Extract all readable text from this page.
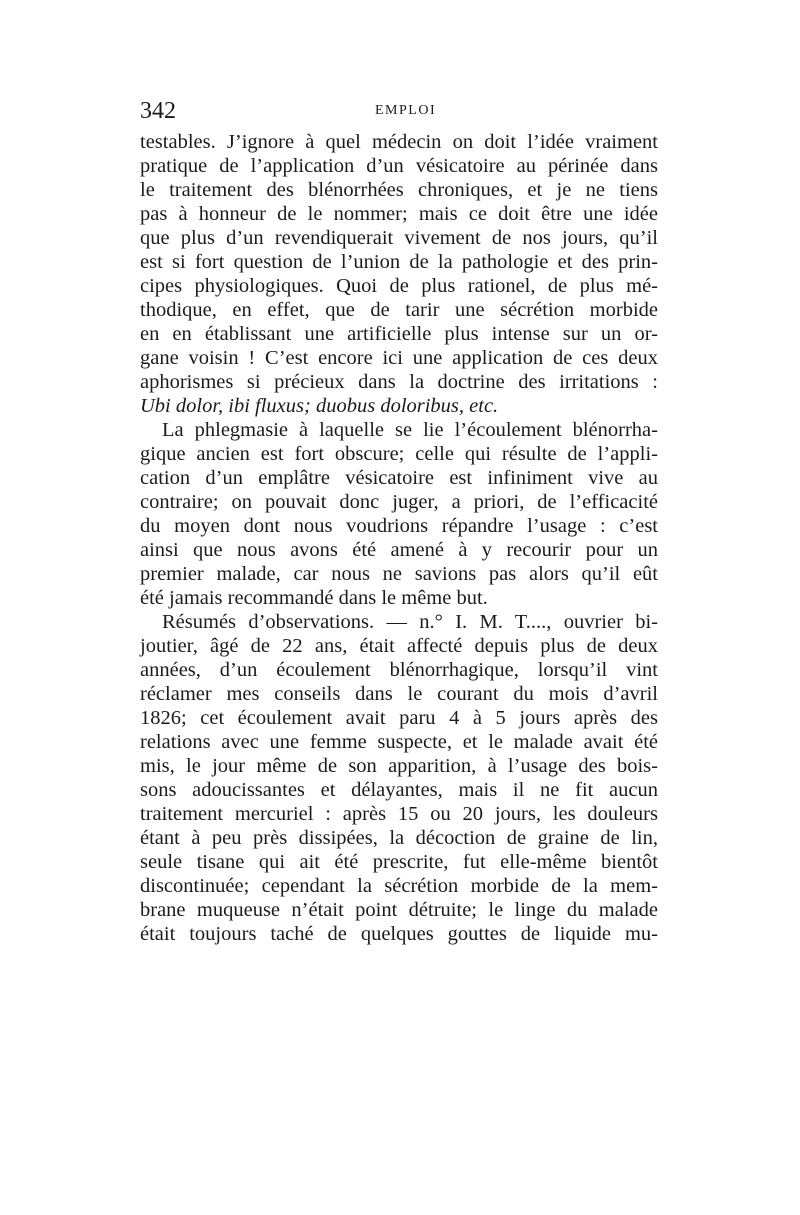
342	EMPLOI
testables. J’ignore à quel médecin on doit l’idée vraiment
pratique de l’application d’un vésicatoire au périnée dans
le traitement des blénorrhées chroniques, et je ne tiens
pas à honneur de le nommer; mais ce doit être une idée
que plus d’un revendiquerait vivement de nos jours, qu’il
est si fort question de l’union de la pathologie et des prin-
cipes physiologiques. Quoi de plus rationel, de plus mé-
thodique, en effet, que de tarir une sécrétion morbide
en en établissant une artificielle plus intense sur un or-
gane voisin ! C’est encore ici une application de ces deux
aphorismes si précieux dans la doctrine des irritations :
Ubi dolor, ibi fluxus; duobus doloribus, etc.
La phlegmasie à laquelle se lie l’écoulement blénorrha-
gique ancien est fort obscure; celle qui résulte de l’appli-
cation d’un emplâtre vésicatoire est infiniment vive au
contraire; on pouvait donc juger, a priori, de l’efficacité
du moyen dont nous voudrions répandre l’usage : c’est
ainsi que nous avons été amené à y recourir pour un
premier malade, car nous ne savions pas alors qu’il eût
été jamais recommandé dans le même but.
Résumés d’observations. — n.° I. M. T...., ouvrier bi-
joutier, âgé de 22 ans, était affecté depuis plus de deux
années, d’un écoulement blénorrhagique, lorsqu’il vint
réclamer mes conseils dans le courant du mois d’avril
1826; cet écoulement avait paru 4 à 5 jours après des
relations avec une femme suspecte, et le malade avait été
mis, le jour même de son apparition, à l’usage des bois-
sons adoucissantes et délayantes, mais il ne fit aucun
traitement mercuriel : après 15 ou 20 jours, les douleurs
étant à peu près dissipées, la décoction de graine de lin,
seule tisane qui ait été prescrite, fut elle-même bientôt
discontinuée; cependant la sécrétion morbide de la mem-
brane muqueuse n’était point détruite; le linge du malade
était toujours taché de quelques gouttes de liquide mu-
